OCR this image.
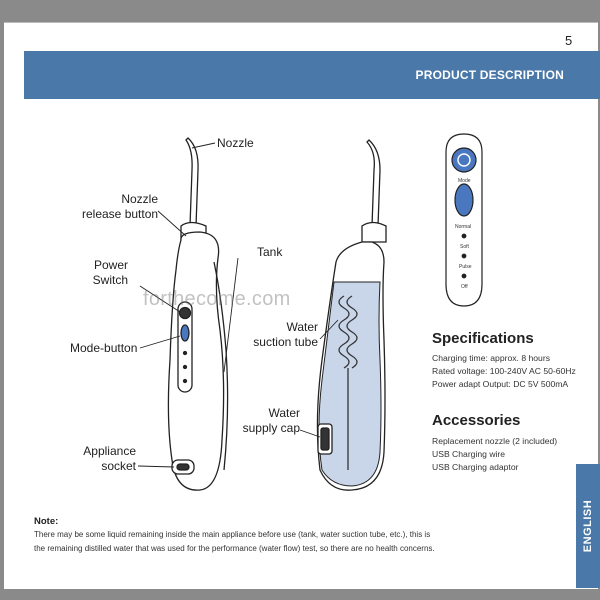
5
PRODUCT DESCRIPTION
ENGLISH
Mode
Normal
Soft
Pulse
Off
Nozzle
Nozzle
release button
Tank
Power
Switch
Mode-button
Appliance
socket
Water
suction tube
Water
supply cap
forthecome.com
Specifications
Charging time: approx. 8 hours
Rated voltage: 100-240V AC 50-60Hz
Power adapt Output: DC 5V 500mA
Accessories
Replacement nozzle (2 included)
USB Charging wire
USB Charging adaptor
Note:
There may be some liquid remaining inside the main appliance before use (tank, water suction tube, etc.), this is
the remaining distilled water that was used for the performance (water flow) test, so there are no health concerns.
